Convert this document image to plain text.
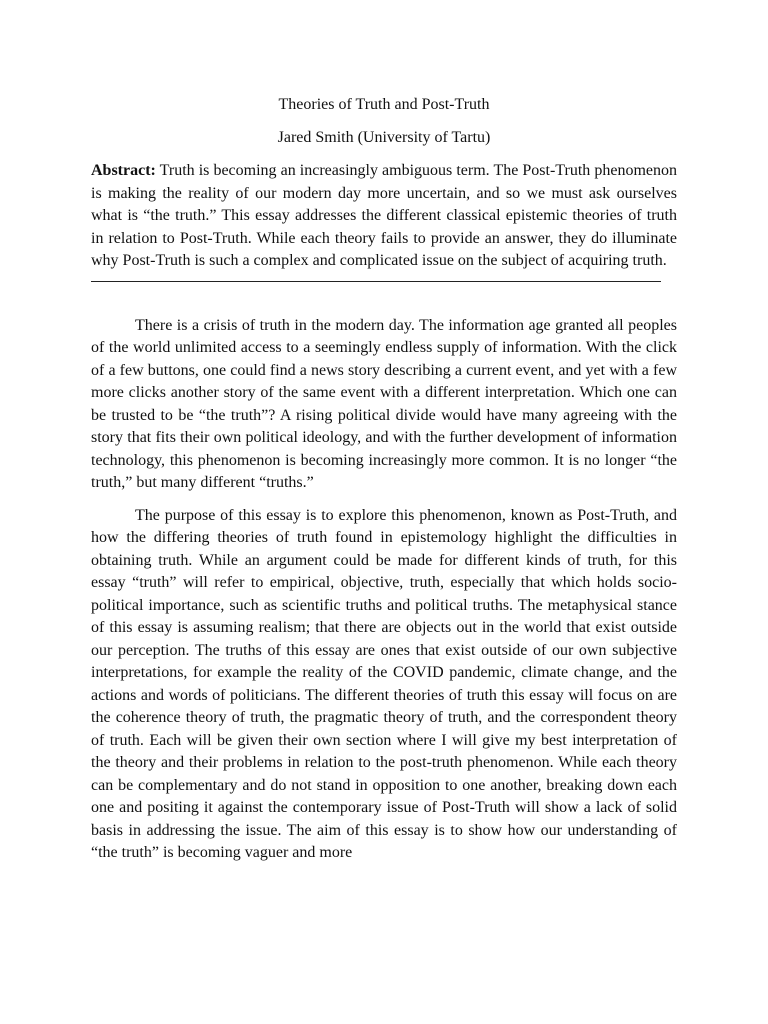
Theories of Truth and Post-Truth

Jared Smith (University of Tartu)

Abstract: Truth is becoming an increasingly ambiguous term. The Post-Truth phenomenon is making the reality of our modern day more uncertain, and so we must ask ourselves what is “the truth.” This essay addresses the different classical epistemic theories of truth in relation to Post-Truth. While each theory fails to provide an answer, they do illuminate why Post-Truth is such a complex and complicated issue on the subject of acquiring truth.

There is a crisis of truth in the modern day. The information age granted all peoples of the world unlimited access to a seemingly endless supply of information. With the click of a few buttons, one could find a news story describing a current event, and yet with a few more clicks another story of the same event with a different interpretation. Which one can be trusted to be “the truth”? A rising political divide would have many agreeing with the story that fits their own political ideology, and with the further development of information technology, this phenomenon is becoming increasingly more common. It is no longer “the truth,” but many different “truths.”

The purpose of this essay is to explore this phenomenon, known as Post-Truth, and how the differing theories of truth found in epistemology highlight the difficulties in obtaining truth. While an argument could be made for different kinds of truth, for this essay “truth” will refer to empirical, objective, truth, especially that which holds socio-political importance, such as scientific truths and political truths. The metaphysical stance of this essay is assuming realism; that there are objects out in the world that exist outside our perception. The truths of this essay are ones that exist outside of our own subjective interpretations, for example the reality of the COVID pandemic, climate change, and the actions and words of politicians. The different theories of truth this essay will focus on are the coherence theory of truth, the pragmatic theory of truth, and the correspondent theory of truth. Each will be given their own section where I will give my best interpretation of the theory and their problems in relation to the post-truth phenomenon. While each theory can be complementary and do not stand in opposition to one another, breaking down each one and positing it against the contemporary issue of Post-Truth will show a lack of solid basis in addressing the issue. The aim of this essay is to show how our understanding of “the truth” is becoming vaguer and more
